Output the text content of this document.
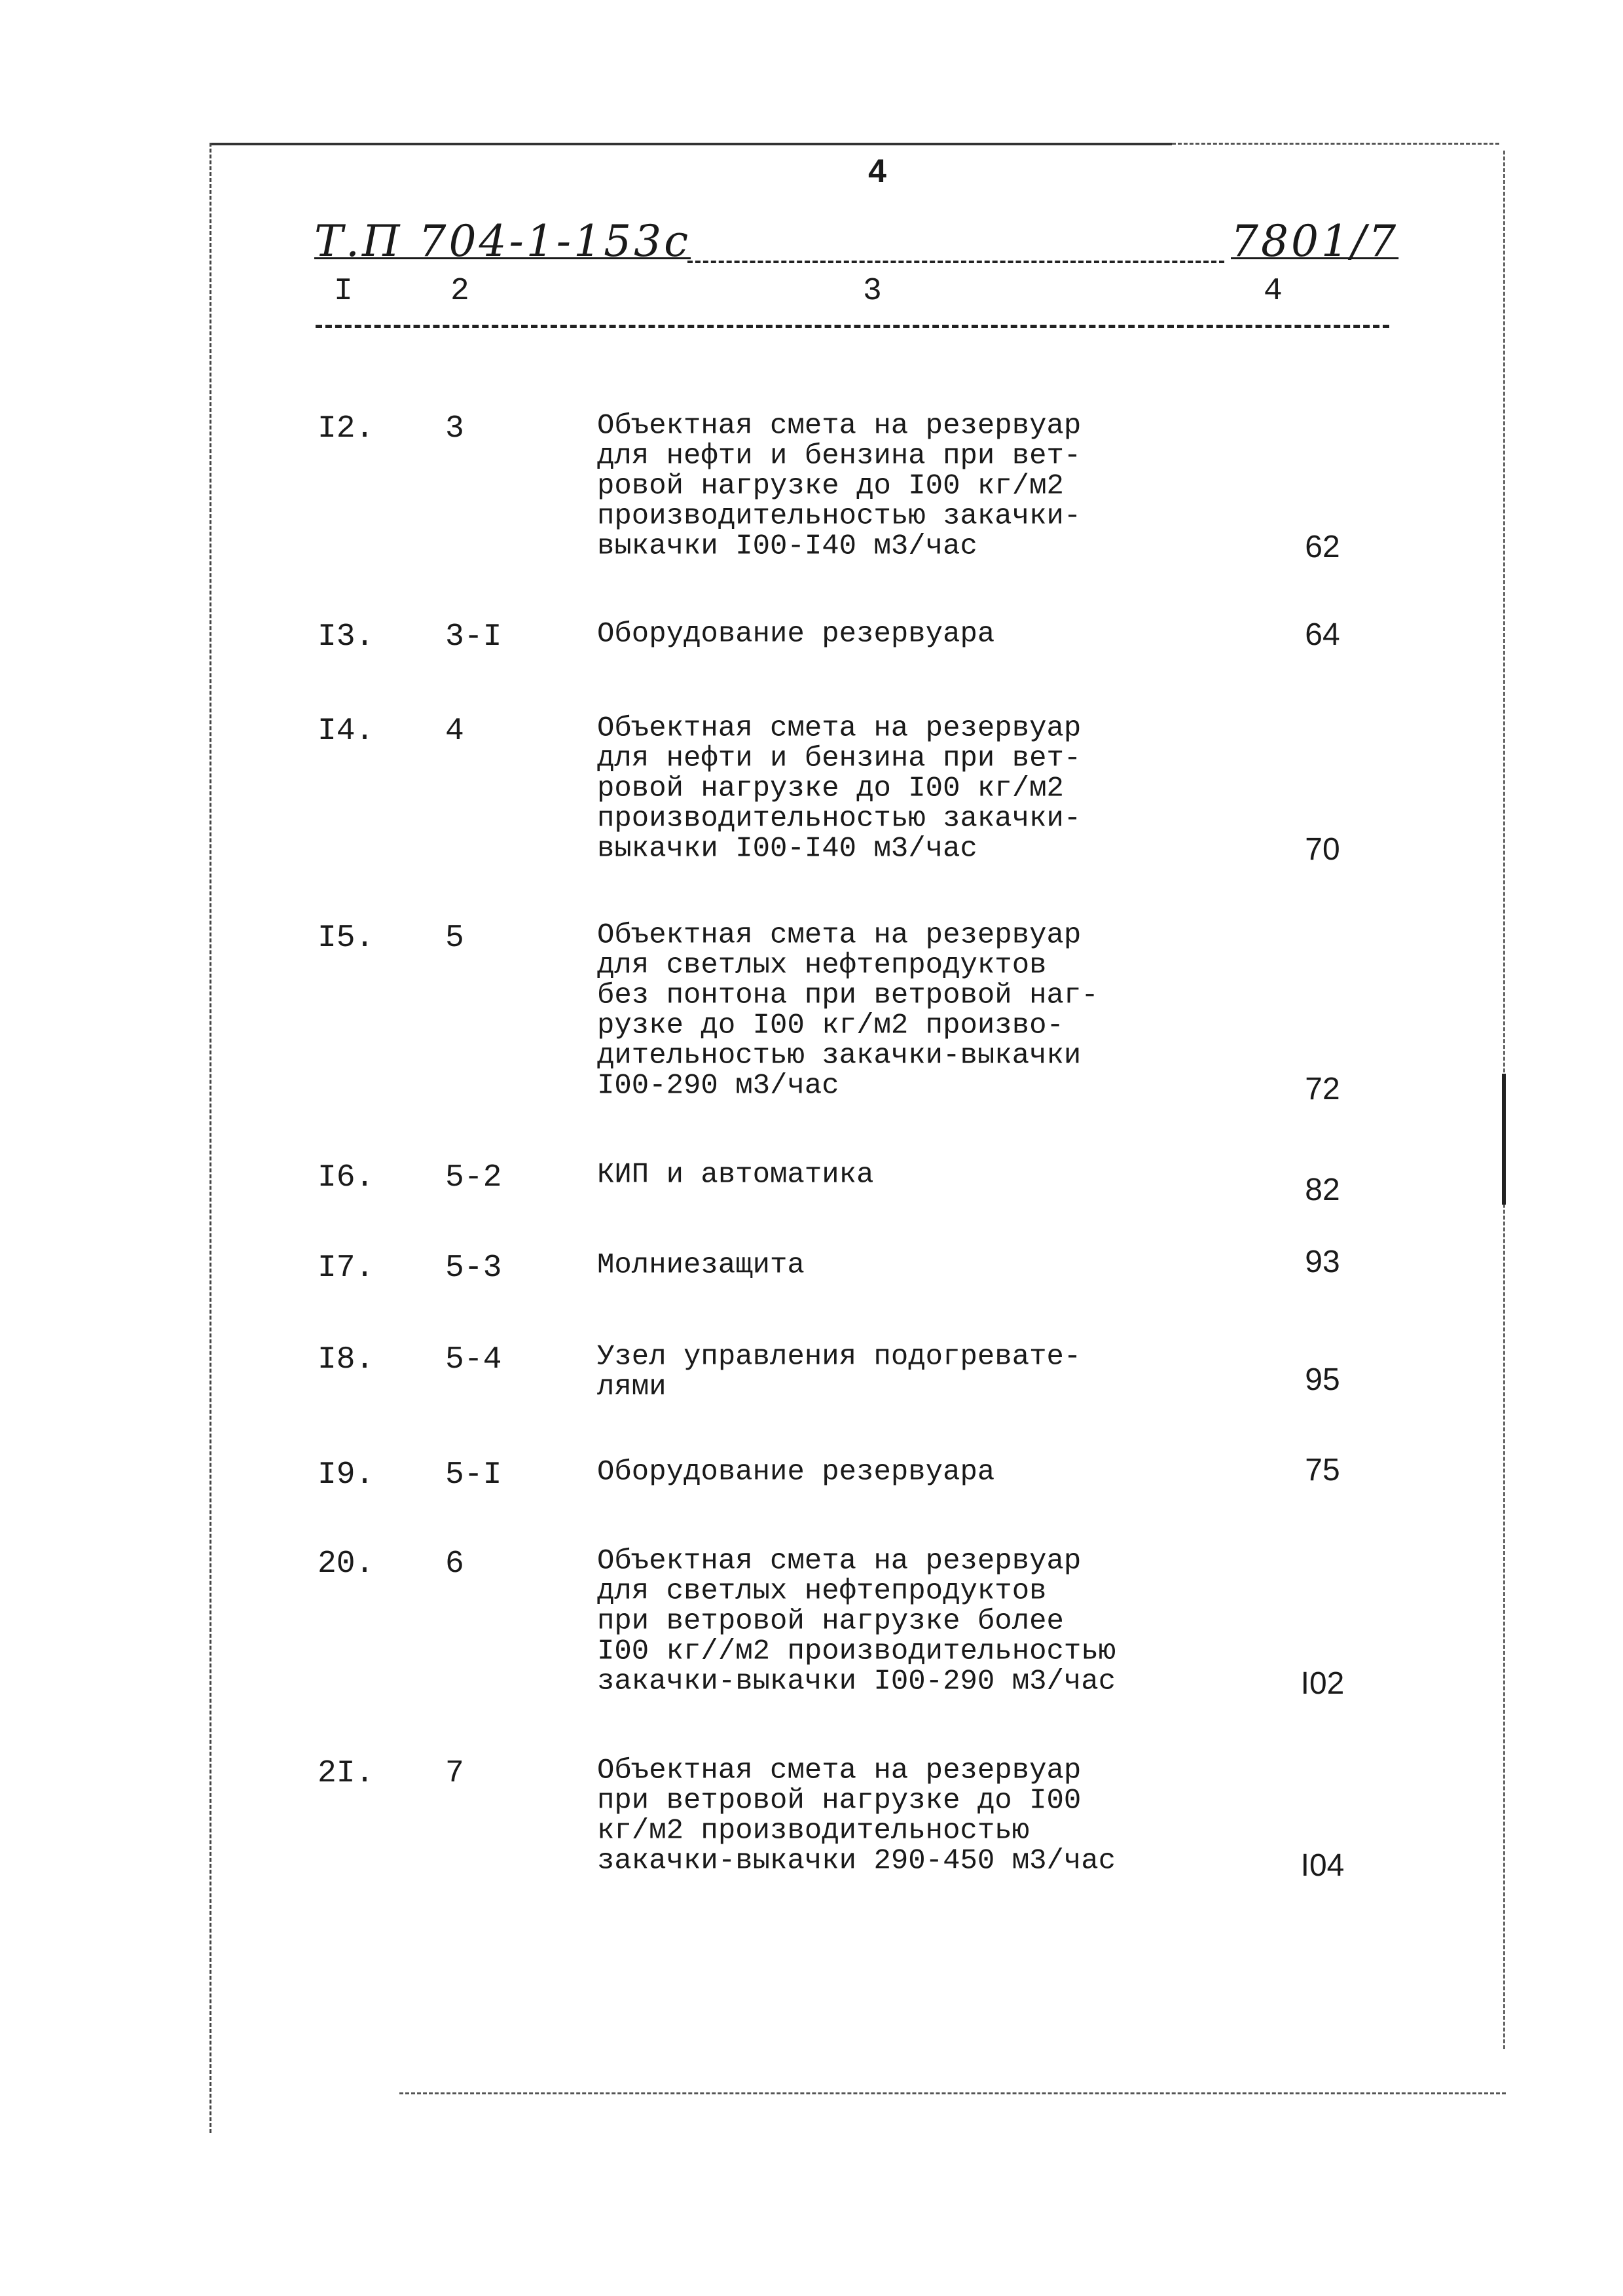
4
Т.П 704-1-153с	7801/7
I	2	3	4
I2. 3	Объектная смета на резервуар
для нефти и бензина при вет-
ровой нагрузке до I00 кг/м2
производительностью закачки-
выкачки I00-I40 м3/час	62
I3. 3-I	Оборудование резервуара	64
I4. 4	Объектная смета на резервуар
для нефти и бензина при вет-
ровой нагрузке до I00 кг/м2
производительностью закачки-
выкачки I00-I40 м3/час	70
I5. 5	Объектная смета на резервуар
для светлых нефтепродуктов
без понтона при ветровой наг-
рузке до I00 кг/м2 произво-
дительностью закачки-выкачки
I00-290 м3/час	72
I6. 5-2	КИП и автоматика	82
I7. 5-3	Молниезащита	93
I8. 5-4	Узел управления подогревате-
лями	95
I9. 5-I	Оборудование резервуара	75
20. 6	Объектная смета на резервуар
для светлых нефтепродуктов
при ветровой нагрузке более
I00 кг//м2 производительностью
закачки-выкачки I00-290 м3/час	I02
2I. 7	Объектная смета на резервуар
при ветровой нагрузке до I00
кг/м2 производительностью
закачки-выкачки 290-450 м3/час	I04
